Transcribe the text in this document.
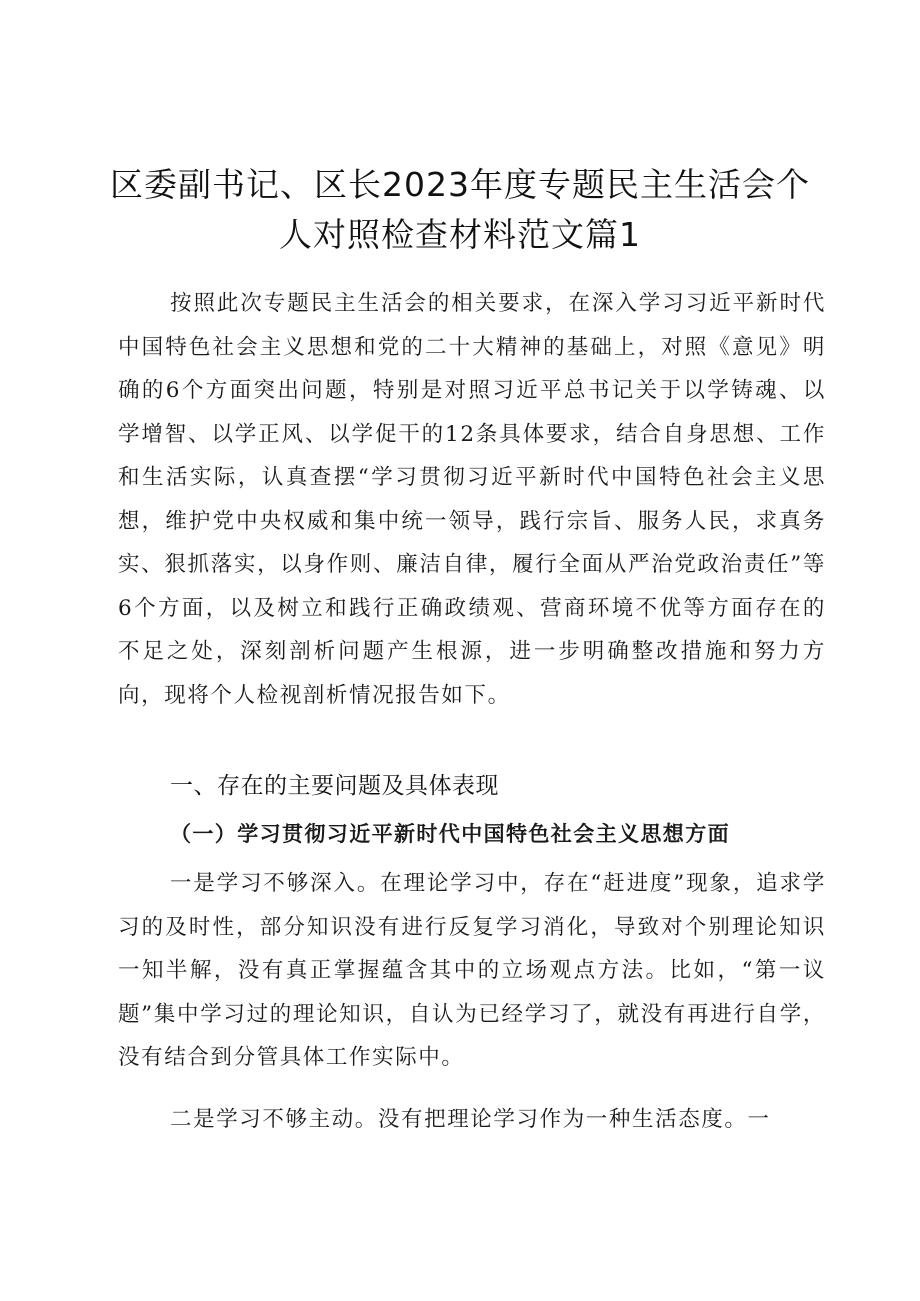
区委副书记、区长2023年度专题民主生活会个
人对照检查材料范文篇1

按照此次专题民主生活会的相关要求，在深入学习习近平新时代中国特色社会主义思想和党的二十大精神的基础上，对照《意见》明确的6个方面突出问题，特别是对照习近平总书记关于以学铸魂、以学增智、以学正风、以学促干的12条具体要求，结合自身思想、工作和生活实际，认真查摆“学习贯彻习近平新时代中国特色社会主义思想，维护党中央权威和集中统一领导，践行宗旨、服务人民，求真务实、狠抓落实，以身作则、廉洁自律，履行全面从严治党政治责任”等6个方面，以及树立和践行正确政绩观、营商环境不优等方面存在的不足之处，深刻剖析问题产生根源，进一步明确整改措施和努力方向，现将个人检视剖析情况报告如下。

一、存在的主要问题及具体表现
（一）学习贯彻习近平新时代中国特色社会主义思想方面

一是学习不够深入。在理论学习中，存在“赶进度”现象，追求学习的及时性，部分知识没有进行反复学习消化，导致对个别理论知识一知半解，没有真正掌握蕴含其中的立场观点方法。比如，“第一议题”集中学习过的理论知识，自认为已经学习了，就没有再进行自学，没有结合到分管具体工作实际中。

二是学习不够主动。没有把理论学习作为一种生活态度。一
